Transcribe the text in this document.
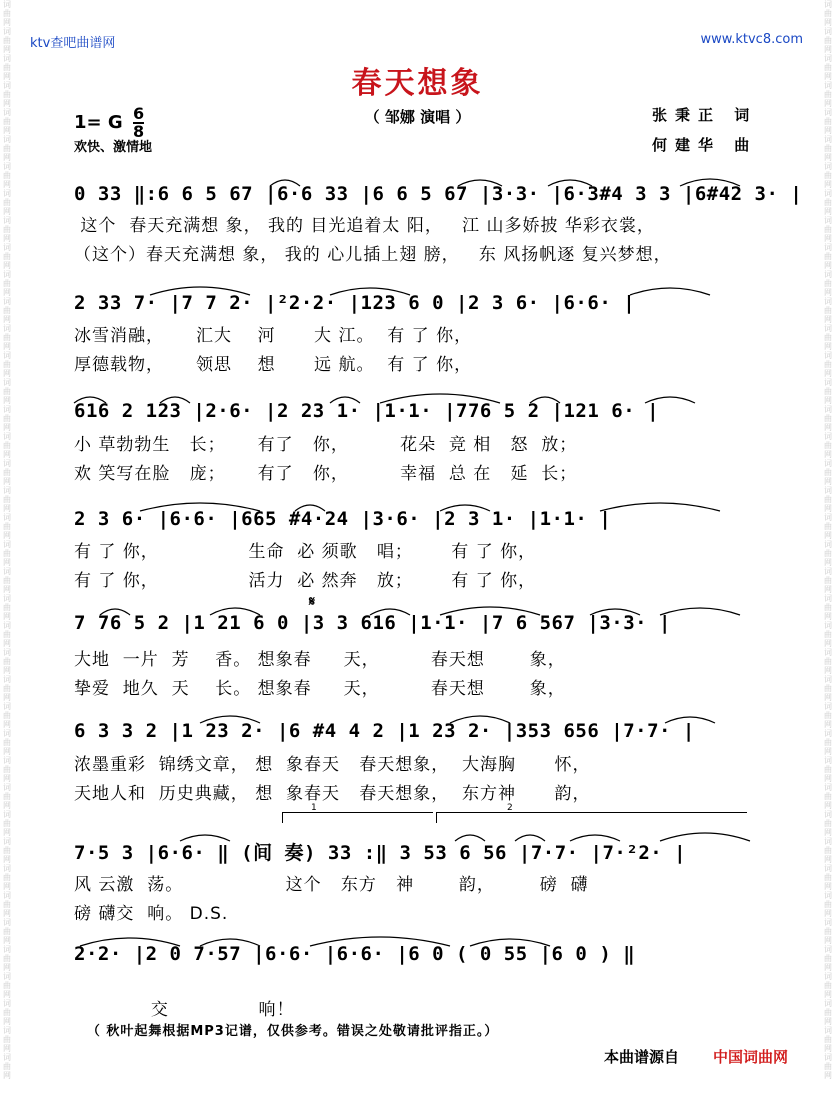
词曲网词曲网词曲网词曲网词曲网词曲网词曲网词曲网词曲网词曲网词曲网词曲网词曲网词曲网词曲网词曲网词曲网词曲网词曲网词曲网词曲网词曲网词曲网词曲网词曲网词曲网词曲网词曲网词曲网词曲网词曲网词曲网词曲网词曲网词曲网词曲网词曲网词曲网词曲网词曲网
词曲网词曲网词曲网词曲网词曲网词曲网词曲网词曲网词曲网词曲网词曲网词曲网词曲网词曲网词曲网词曲网词曲网词曲网词曲网词曲网词曲网词曲网词曲网词曲网词曲网词曲网词曲网词曲网词曲网词曲网词曲网词曲网词曲网词曲网词曲网词曲网词曲网词曲网词曲网词曲网
ktv查吧曲谱网	www.ktvc8.com
春天想象
1= G $\frac{6}{8}$	（ 邹娜 演唱 ）	张秉正 词
何建华 曲
欢快、激情地
0 33 ‖:6 6 5 67 |6·6 33 |6 6 5 67 |3·3· |6·3#4 3 3 |6#42 3· |
这个  春天充满想 象， 我的 目光追着太 阳，   江 山多娇披 华彩衣裳，
（这个）春天充满想 象， 我的 心儿插上翅 膀，   东 风扬帆逐 复兴梦想，
2 33 7· |7 7 2· |²2·2· |123 6 0 |2 3 6· |6·6· |
冰雪消融，     汇大    河      大 江。  有 了 你，
厚德载物，     领思    想      远 航。  有 了 你，
616 2 123 |2·6· |2 23 1· |1·1· |776 5 2 |121 6· |
小 草勃勃生   长；     有了   你，        花朵  竞 相   怒  放；
欢 笑写在脸   庞；     有了   你，        幸福  总 在   延  长；
2 3 6· |6·6· |665 #4·24 |3·6· |2 3 1· |1·1· |
有 了 你，              生命  必 须歌   唱；      有 了 你，
有 了 你，              活力  必 然奔   放；      有 了 你，
𝄋
7 76 5 2 |1 21 6 0 |3 3 616 |1·1· |7 6 567 |3·3· |
大地  一片  芳    香。 想象春     天，        春天想       象，
挚爱  地久  天    长。 想象春     天，        春天想       象，
6 3 3 2 |1 23 2· |6 #4 4 2 |1 23 2· |353 656 |7·7· |
浓墨重彩  锦绣文章， 想  象春天   春天想象，  大海胸      怀，
天地人和  历史典藏， 想  象春天   春天想象，  东方神      韵，
1	2
7·5 3 |6·6· ‖ (间 奏) 33 :‖ 3 53 6 56 |7·7· |7·²2· |
风 云激  荡。                这个   东方   神       韵，       磅  礴
磅 礴交  响。 D.S.
2·2· |2 0 7·57 |6·6· |6·6· |6 0 ( 0 55 |6 0 ) ‖

交              响！
（ 秋叶起舞根据MP3记谱，仅供参考。错误之处敬请批评指正。）

本曲谱源自 中国词曲网
